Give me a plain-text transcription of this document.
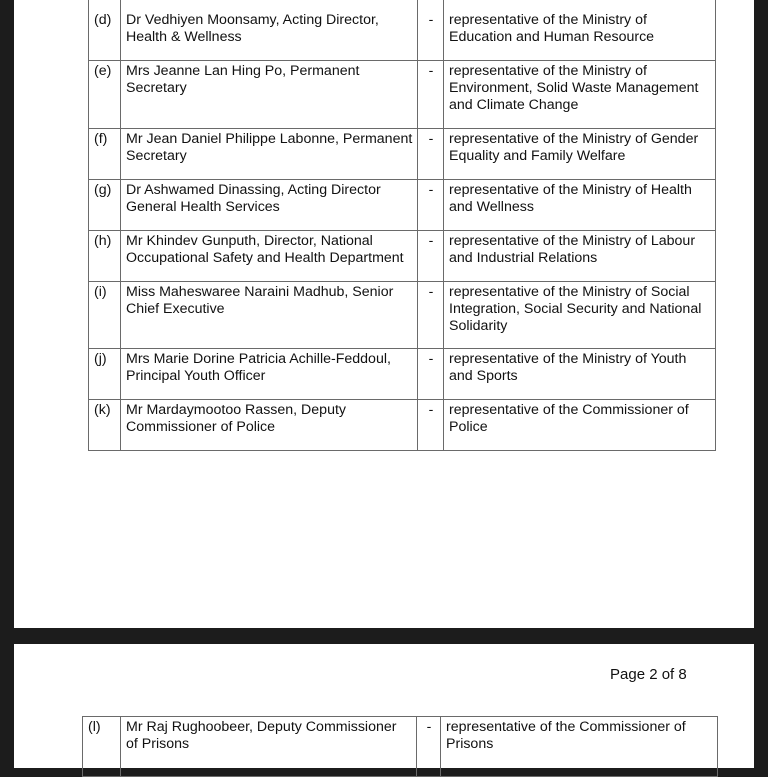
(d)	Dr Vedhiyen Moonsamy, Acting Director, Health & Wellness	-	representative of the Ministry of Education and Human Resource
(e)	Mrs Jeanne Lan Hing Po, Permanent Secretary	-	representative of the Ministry of Environment, Solid Waste Management and Climate Change
(f)	Mr Jean Daniel Philippe Labonne, Permanent Secretary	-	representative of the Ministry of Gender Equality and Family Welfare
(g)	Dr Ashwamed Dinassing, Acting Director General Health Services	-	representative of the Ministry of Health and Wellness
(h)	Mr Khindev Gunputh, Director, National Occupational Safety and Health Department	-	representative of the Ministry of Labour and Industrial Relations
(i)	Miss Maheswaree Naraini Madhub, Senior Chief Executive	-	representative of the Ministry of Social Integration, Social Security and National Solidarity
(j)	Mrs Marie Dorine Patricia Achille-Feddoul, Principal Youth Officer	-	representative of the Ministry of Youth and Sports
(k)	Mr Mardaymootoo Rassen, Deputy Commissioner of Police	-	representative of the Commissioner of Police
Page 2 of 8
(l)	Mr Raj Rughoobeer, Deputy Commissioner of Prisons	-	representative of the Commissioner of Prisons
